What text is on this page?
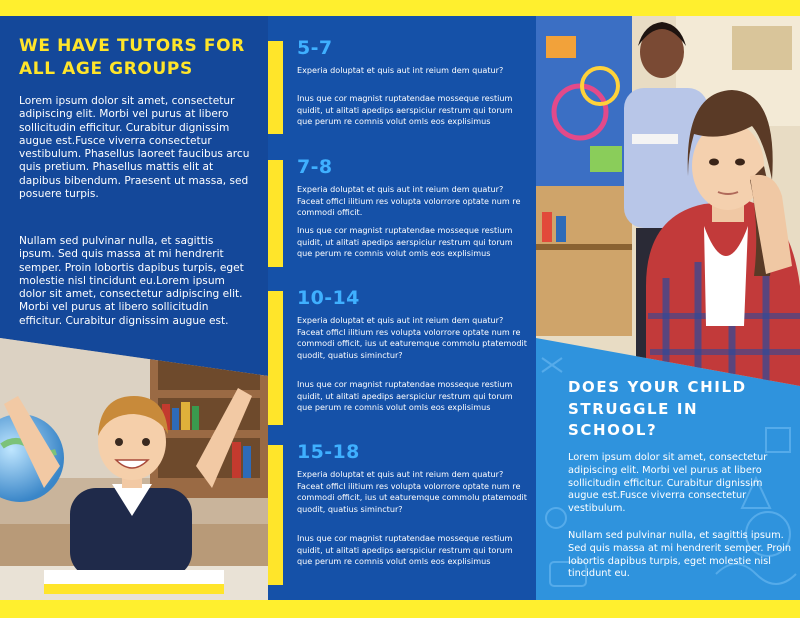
WE HAVE TUTORS FOR ALL AGE GROUPS

Lorem ipsum dolor sit amet, consectetur adipiscing elit. Morbi vel purus at libero sollicitudin efficitur. Curabitur dignissim augue est.Fusce viverra consectetur vestibulum. Phasellus laoreet faucibus arcu quis pretium. Phasellus mattis elit at dapibus bibendum. Praesent ut massa, sed posuere turpis.

Nullam sed pulvinar nulla, et sagittis ipsum. Sed quis massa at mi hendrerit semper. Proin lobortis dapibus turpis, eget molestie nisl tincidunt eu.Lorem ipsum dolor sit amet, consectetur adipiscing elit. Morbi vel purus at libero sollicitudin efficitur. Curabitur dignissim augue est.

5-7

Experia doluptat et quis aut int reium dem quatur?

Inus que cor magnist ruptatendae mosseque restium quidit, ut alitati apedips aerspiciur restrum qui torum que perum re comnis volut omls eos explisimus

7-8

Experia doluptat et quis aut int reium dem quatur? Faceat officl ilitium res volupta volorrore optate num re commodi officit.

Inus que cor magnist ruptatendae mosseque restium quidit, ut alitati apedips aerspiciur restrum qui torum que perum re comnis volut omls eos explisimus

10-14

Experia doluptat et quis aut int reium dem quatur? Faceat officl ilitium res volupta volorrore optate num re commodi officit, ius ut eaturemque commolu ptatemodit quodit, quatius siminctur?

Inus que cor magnist ruptatendae mosseque restium quidit, ut alitati apedips aerspiciur restrum qui torum que perum re comnis volut omls eos explisimus

15-18

Experia doluptat et quis aut int reium dem quatur? Faceat officl ilitium res volupta volorrore optate num re commodi officit, ius ut eaturemque commolu ptatemodit quodit, quatius siminctur?

Inus que cor magnist ruptatendae mosseque restium quidit, ut alitati apedips aerspiciur restrum qui torum que perum re comnis volut omls eos explisimus

DOES YOUR CHILD STRUGGLE IN SCHOOL?

Lorem ipsum dolor sit amet, consectetur adipiscing elit. Morbi vel purus at libero sollicitudin efficitur. Curabitur dignissim augue est.Fusce viverra consectetur vestibulum.

Nullam sed pulvinar nulla, et sagittis ipsum. Sed quis massa at mi hendrerit semper. Proin lobortis dapibus turpis, eget molestie nisl tincidunt eu.
